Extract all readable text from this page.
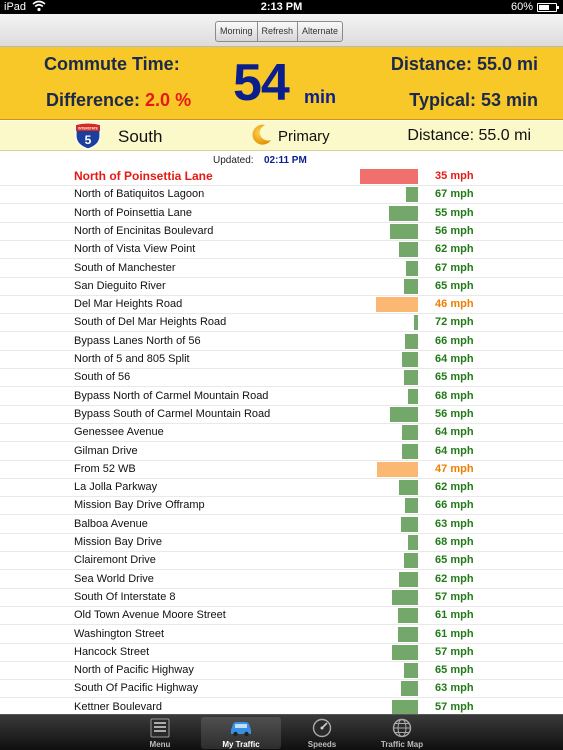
iPad	2:13 PM	60%
Morning	Refresh	Alternate
Commute Time:
Difference: 2.0 % 54 min
Distance: 55.0 mi
Typical: 53 min
INTERSTATE
5 South	Primary	Distance: 55.0 mi
Updated: 02:11 PM
North of Poinsettia Lane	35 mph
North of Batiquitos Lagoon	67 mph
North of Poinsettia Lane	55 mph
North of Encinitas Boulevard	56 mph
North of Vista View Point	62 mph
South of Manchester	67 mph
San Dieguito River	65 mph
Del Mar Heights Road	46 mph
South of Del Mar Heights Road	72 mph
Bypass Lanes North of 56	66 mph
North of 5 and 805 Split	64 mph
South of 56	65 mph
Bypass North of Carmel Mountain Road	68 mph
Bypass South of Carmel Mountain Road	56 mph
Genessee Avenue	64 mph
Gilman Drive	64 mph
From 52 WB	47 mph
La Jolla Parkway	62 mph
Mission Bay Drive Offramp	66 mph
Balboa Avenue	63 mph
Mission Bay Drive	68 mph
Clairemont Drive	65 mph
Sea World Drive	62 mph
South Of Interstate 8	57 mph
Old Town Avenue Moore Street	61 mph
Washington Street	61 mph
Hancock Street	57 mph
North of Pacific Highway	65 mph
South Of Pacific Highway	63 mph
Kettner Boulevard	57 mph
Menu	My Traffic	Speeds	Traffic Map
